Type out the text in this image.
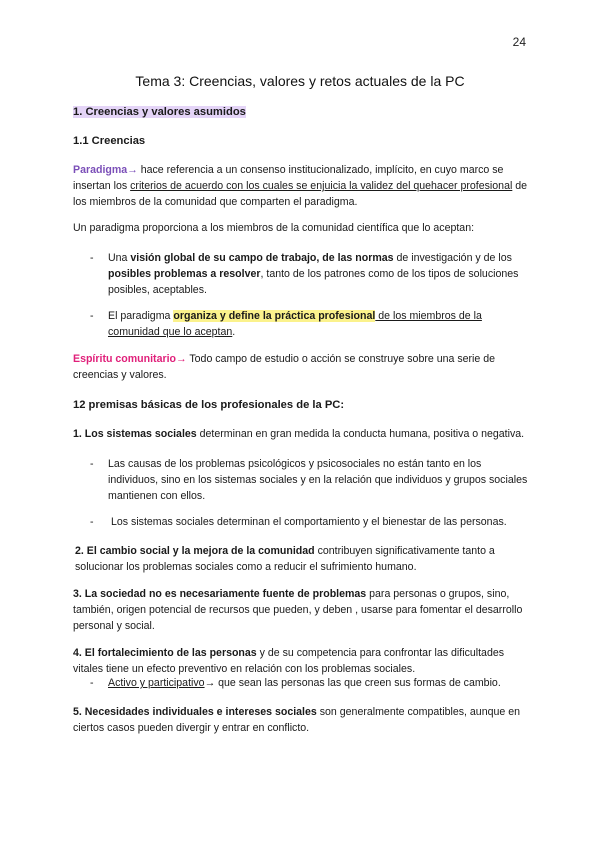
24
Tema 3: Creencias, valores y retos actuales de la PC
1. Creencias y valores asumidos
1.1 Creencias
Paradigma→ hace referencia a un consenso institucionalizado, implícito, en cuyo marco se insertan los criterios de acuerdo con los cuales se enjuicia la validez del quehacer profesional de los miembros de la comunidad que comparten el paradigma.
Un paradigma proporciona a los miembros de la comunidad científica que lo aceptan:
- Una visión global de su campo de trabajo, de las normas de investigación y de los posibles problemas a resolver, tanto de los patrones como de los tipos de soluciones posibles, aceptables.
- El paradigma organiza y define la práctica profesional de los miembros de la comunidad que lo aceptan.
Espíritu comunitario→ Todo campo de estudio o acción se construye sobre una serie de creencias y valores.
12 premisas básicas de los profesionales de la PC:
1. Los sistemas sociales determinan en gran medida la conducta humana, positiva o negativa.
- Las causas de los problemas psicológicos y psicosociales no están tanto en los individuos, sino en los sistemas sociales y en la relación que individuos y grupos sociales mantienen con ellos.
- Los sistemas sociales determinan el comportamiento y el bienestar de las personas.
2. El cambio social y la mejora de la comunidad contribuyen significativamente tanto a solucionar los problemas sociales como a reducir el sufrimiento humano.
3. La sociedad no es necesariamente fuente de problemas para personas o grupos, sino, también, origen potencial de recursos que pueden, y deben , usarse para fomentar el desarrollo personal y social.
4. El fortalecimiento de las personas y de su competencia para confrontar las dificultades vitales tiene un efecto preventivo en relación con los problemas sociales.
- Activo y participativo→ que sean las personas las que creen sus formas de cambio.
5. Necesidades individuales e intereses sociales son generalmente compatibles, aunque en ciertos casos pueden divergir y entrar en conflicto.
